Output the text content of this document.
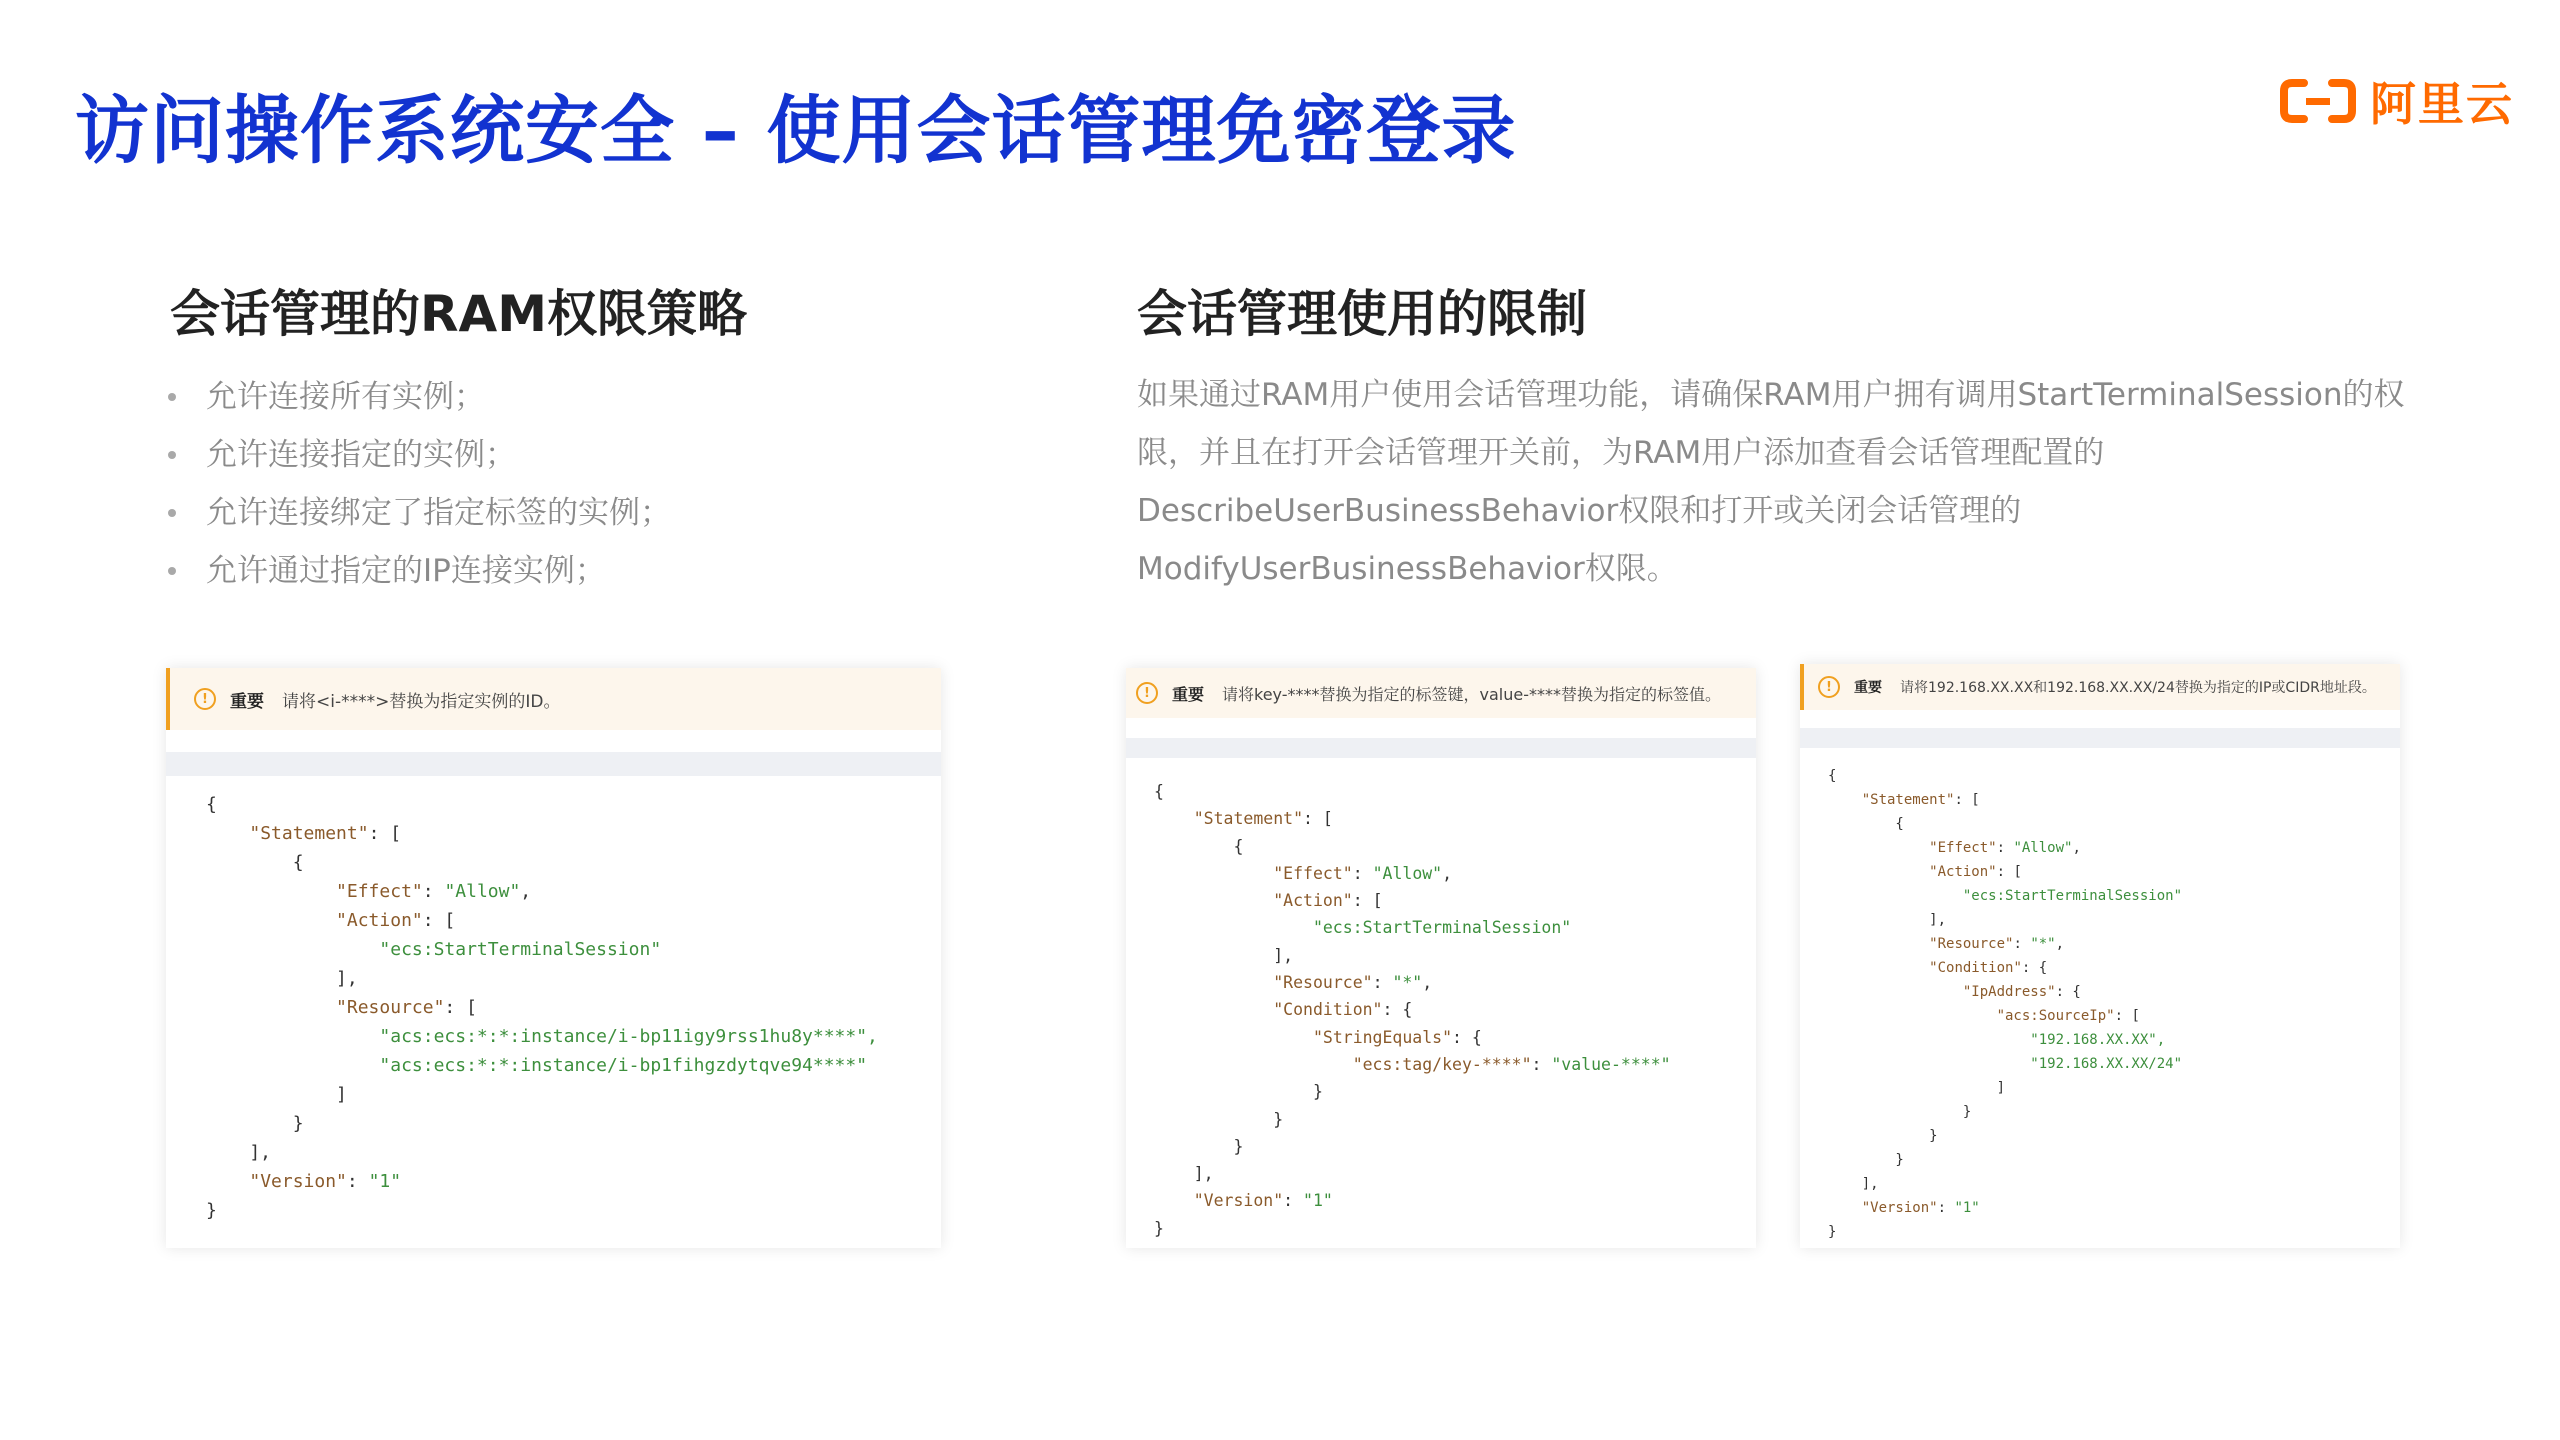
访问操作系统安全 – 使用会话管理免密登录	阿里云
会话管理的RAM权限策略
允许连接所有实例；
允许连接指定的实例；
允许连接绑定了指定标签的实例；
允许通过指定的IP连接实例；
会话管理使用的限制
如果通过RAM用户使用会话管理功能，请确保RAM用户拥有调用StartTerminalSession的权限，并且在打开会话管理开关前，为RAM用户添加查看会话管理配置的DescribeUserBusinessBehavior权限和打开或关闭会话管理的ModifyUserBusinessBehavior权限。
!	重要 请将<i-****>替换为指定实例的ID。
{
"Statement": [
{
"Effect": "Allow",
"Action": [
"ecs:StartTerminalSession"
],
"Resource": [
"acs:ecs:*:*:instance/i-bp11igy9rss1hu8y****",
"acs:ecs:*:*:instance/i-bp1fihgzdytqve94****"
]
}
],
"Version": "1"
}
!	重要 请将key-****替换为指定的标签键，value-****替换为指定的标签值。
{
"Statement": [
{
"Effect": "Allow",
"Action": [
"ecs:StartTerminalSession"
],
"Resource": "*",
"Condition": {
"StringEquals": {
"ecs:tag/key-****": "value-****"
}
}
}
],
"Version": "1"
}
!	重要 请将192.168.XX.XX和192.168.XX.XX/24替换为指定的IP或CIDR地址段。
{
"Statement": [
{
"Effect": "Allow",
"Action": [
"ecs:StartTerminalSession"
],
"Resource": "*",
"Condition": {
"IpAddress": {
"acs:SourceIp": [
"192.168.XX.XX",
"192.168.XX.XX/24"
]
}
}
}
],
"Version": "1"
}
